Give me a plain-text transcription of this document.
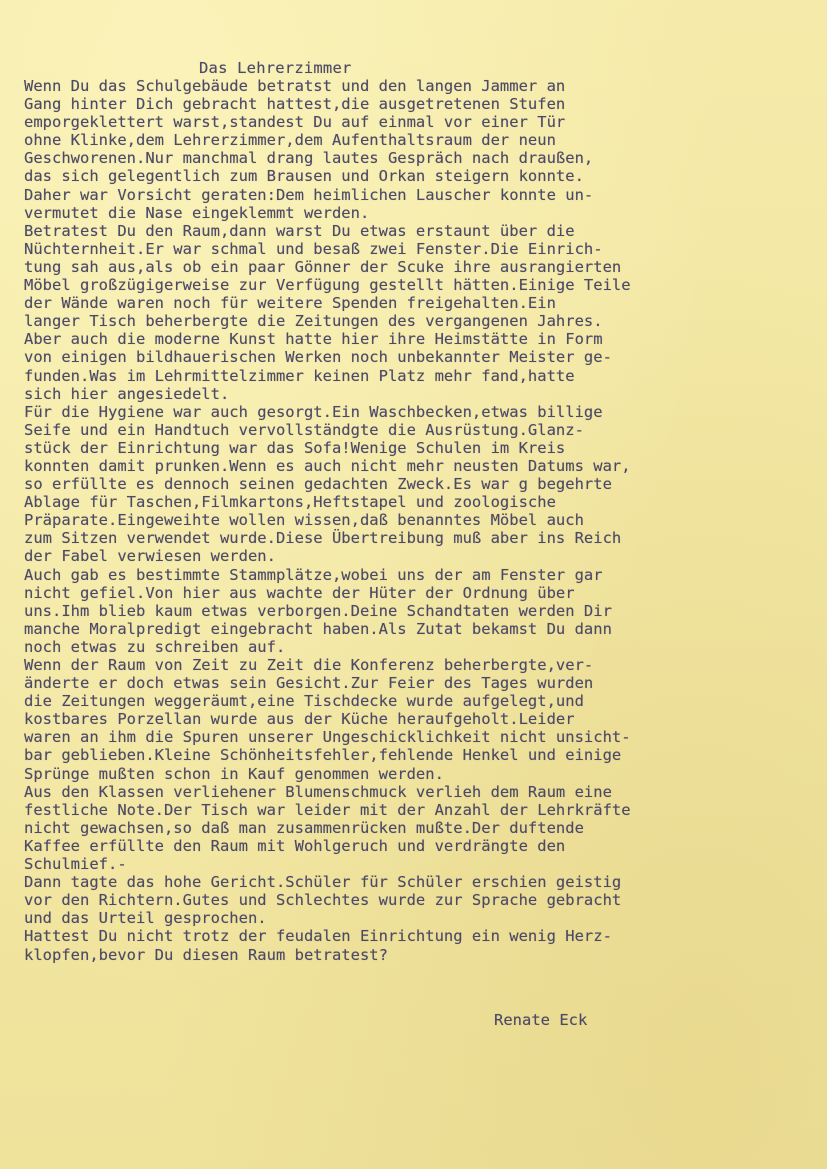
Das Lehrerzimmer
Wenn Du das Schulgebäude betratst und den langen Jammer an
Gang hinter Dich gebracht hattest,die ausgetretenen Stufen
emporgeklettert warst,standest Du auf einmal vor einer Tür
ohne Klinke,dem Lehrerzimmer,dem Aufenthaltsraum der neun
Geschworenen.Nur manchmal drang lautes Gespräch nach draußen,
das sich gelegentlich zum Brausen und Orkan steigern konnte.
Daher war Vorsicht geraten:Dem heimlichen Lauscher konnte un-
vermutet die Nase eingeklemmt werden.
Betratest Du den Raum,dann warst Du etwas erstaunt über die
Nüchternheit.Er war schmal und besaß zwei Fenster.Die Einrich-
tung sah aus,als ob ein paar Gönner der Scuke ihre ausrangierten
Möbel großzügigerweise zur Verfügung gestellt hätten.Einige Teile
der Wände waren noch für weitere Spenden freigehalten.Ein
langer Tisch beherbergte die Zeitungen des vergangenen Jahres.
Aber auch die moderne Kunst hatte hier ihre Heimstätte in Form
von einigen bildhauerischen Werken noch unbekannter Meister ge-
funden.Was im Lehrmittelzimmer keinen Platz mehr fand,hatte
sich hier angesiedelt.
Für die Hygiene war auch gesorgt.Ein Waschbecken,etwas billige
Seife und ein Handtuch vervollständgte die Ausrüstung.Glanz-
stück der Einrichtung war das Sofa!Wenige Schulen im Kreis
konnten damit prunken.Wenn es auch nicht mehr neusten Datums war,
so erfüllte es dennoch seinen gedachten Zweck.Es war g begehrte
Ablage für Taschen,Filmkartons,Heftstapel und zoologische
Präparate.Eingeweihte wollen wissen,daß benanntes Möbel auch
zum Sitzen verwendet wurde.Diese Übertreibung muß aber ins Reich
der Fabel verwiesen werden.
Auch gab es bestimmte Stammplätze,wobei uns der am Fenster gar
nicht gefiel.Von hier aus wachte der Hüter der Ordnung über
uns.Ihm blieb kaum etwas verborgen.Deine Schandtaten werden Dir
manche Moralpredigt eingebracht haben.Als Zutat bekamst Du dann
noch etwas zu schreiben auf.
Wenn der Raum von Zeit zu Zeit die Konferenz beherbergte,ver-
änderte er doch etwas sein Gesicht.Zur Feier des Tages wurden
die Zeitungen weggeräumt,eine Tischdecke wurde aufgelegt,und
kostbares Porzellan wurde aus der Küche heraufgeholt.Leider
waren an ihm die Spuren unserer Ungeschicklichkeit nicht unsicht-
bar geblieben.Kleine Schönheitsfehler,fehlende Henkel und einige
Sprünge mußten schon in Kauf genommen werden.
Aus den Klassen verliehener Blumenschmuck verlieh dem Raum eine
festliche Note.Der Tisch war leider mit der Anzahl der Lehrkräfte
nicht gewachsen,so daß man zusammenrücken mußte.Der duftende
Kaffee erfüllte den Raum mit Wohlgeruch und verdrängte den
Schulmief.-
Dann tagte das hohe Gericht.Schüler für Schüler erschien geistig
vor den Richtern.Gutes und Schlechtes wurde zur Sprache gebracht
und das Urteil gesprochen.
Hattest Du nicht trotz der feudalen Einrichtung ein wenig Herz-
klopfen,bevor Du diesen Raum betratest?
Renate Eck
